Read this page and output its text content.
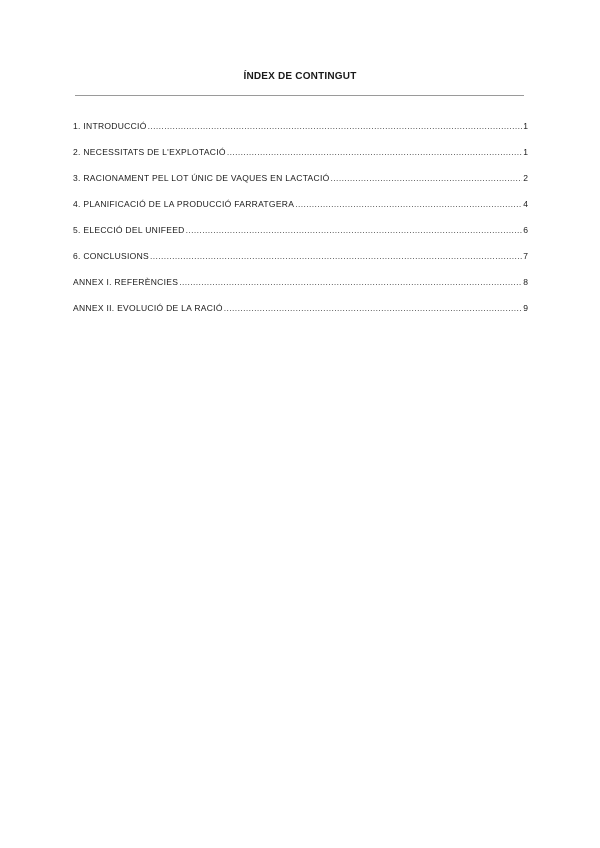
ÍNDEX DE CONTINGUT
1. INTRODUCCIÓ .....	1
2. NECESSITATS DE L'EXPLOTACIÓ .....	1
3. RACIONAMENT PEL LOT ÚNIC DE VAQUES EN LACTACIÓ .....	2
4. PLANIFICACIÓ DE LA PRODUCCIÓ FARRATGERA .....	4
5. ELECCIÓ DEL UNIFEED .....	6
6. CONCLUSIONS .....	7
ANNEX I. REFERÈNCIES .....	8
ANNEX II. EVOLUCIÓ DE LA RACIÓ .....	9
